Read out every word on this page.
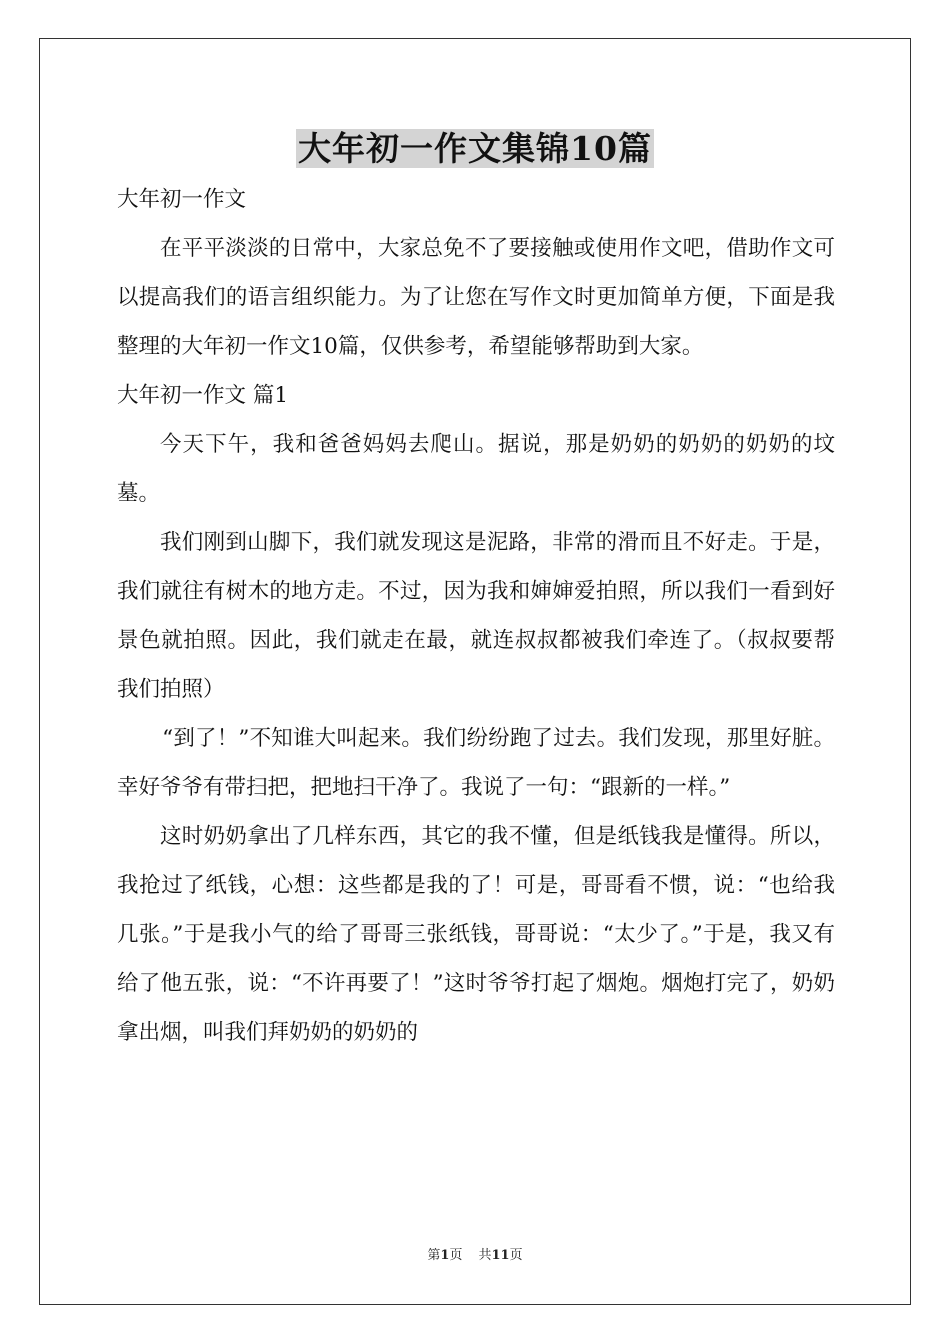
大年初一作文集锦10篇

大年初一作文

在平平淡淡的日常中，大家总免不了要接触或使用作文吧，借助作文可以提高我们的语言组织能力。为了让您在写作文时更加简单方便，下面是我整理的大年初一作文10篇，仅供参考，希望能够帮助到大家。

大年初一作文 篇1

今天下午，我和爸爸妈妈去爬山。据说，那是奶奶的奶奶的奶奶的坟墓。

我们刚到山脚下，我们就发现这是泥路，非常的滑而且不好走。于是，我们就往有树木的地方走。不过，因为我和婶婶爱拍照，所以我们一看到好景色就拍照。因此，我们就走在最，就连叔叔都被我们牵连了。（叔叔要帮我们拍照）

“到了！”不知谁大叫起来。我们纷纷跑了过去。我们发现，那里好脏。幸好爷爷有带扫把，把地扫干净了。我说了一句：“跟新的一样。”

这时奶奶拿出了几样东西，其它的我不懂，但是纸钱我是懂得。所以，我抢过了纸钱，心想：这些都是我的了！可是，哥哥看不惯，说：“也给我几张。”于是我小气的给了哥哥三张纸钱，哥哥说：“太少了。”于是，我又有给了他五张，说：“不许再要了！”这时爷爷打起了烟炮。烟炮打完了，奶奶拿出烟，叫我们拜奶奶的奶奶的

第1页 共11页
